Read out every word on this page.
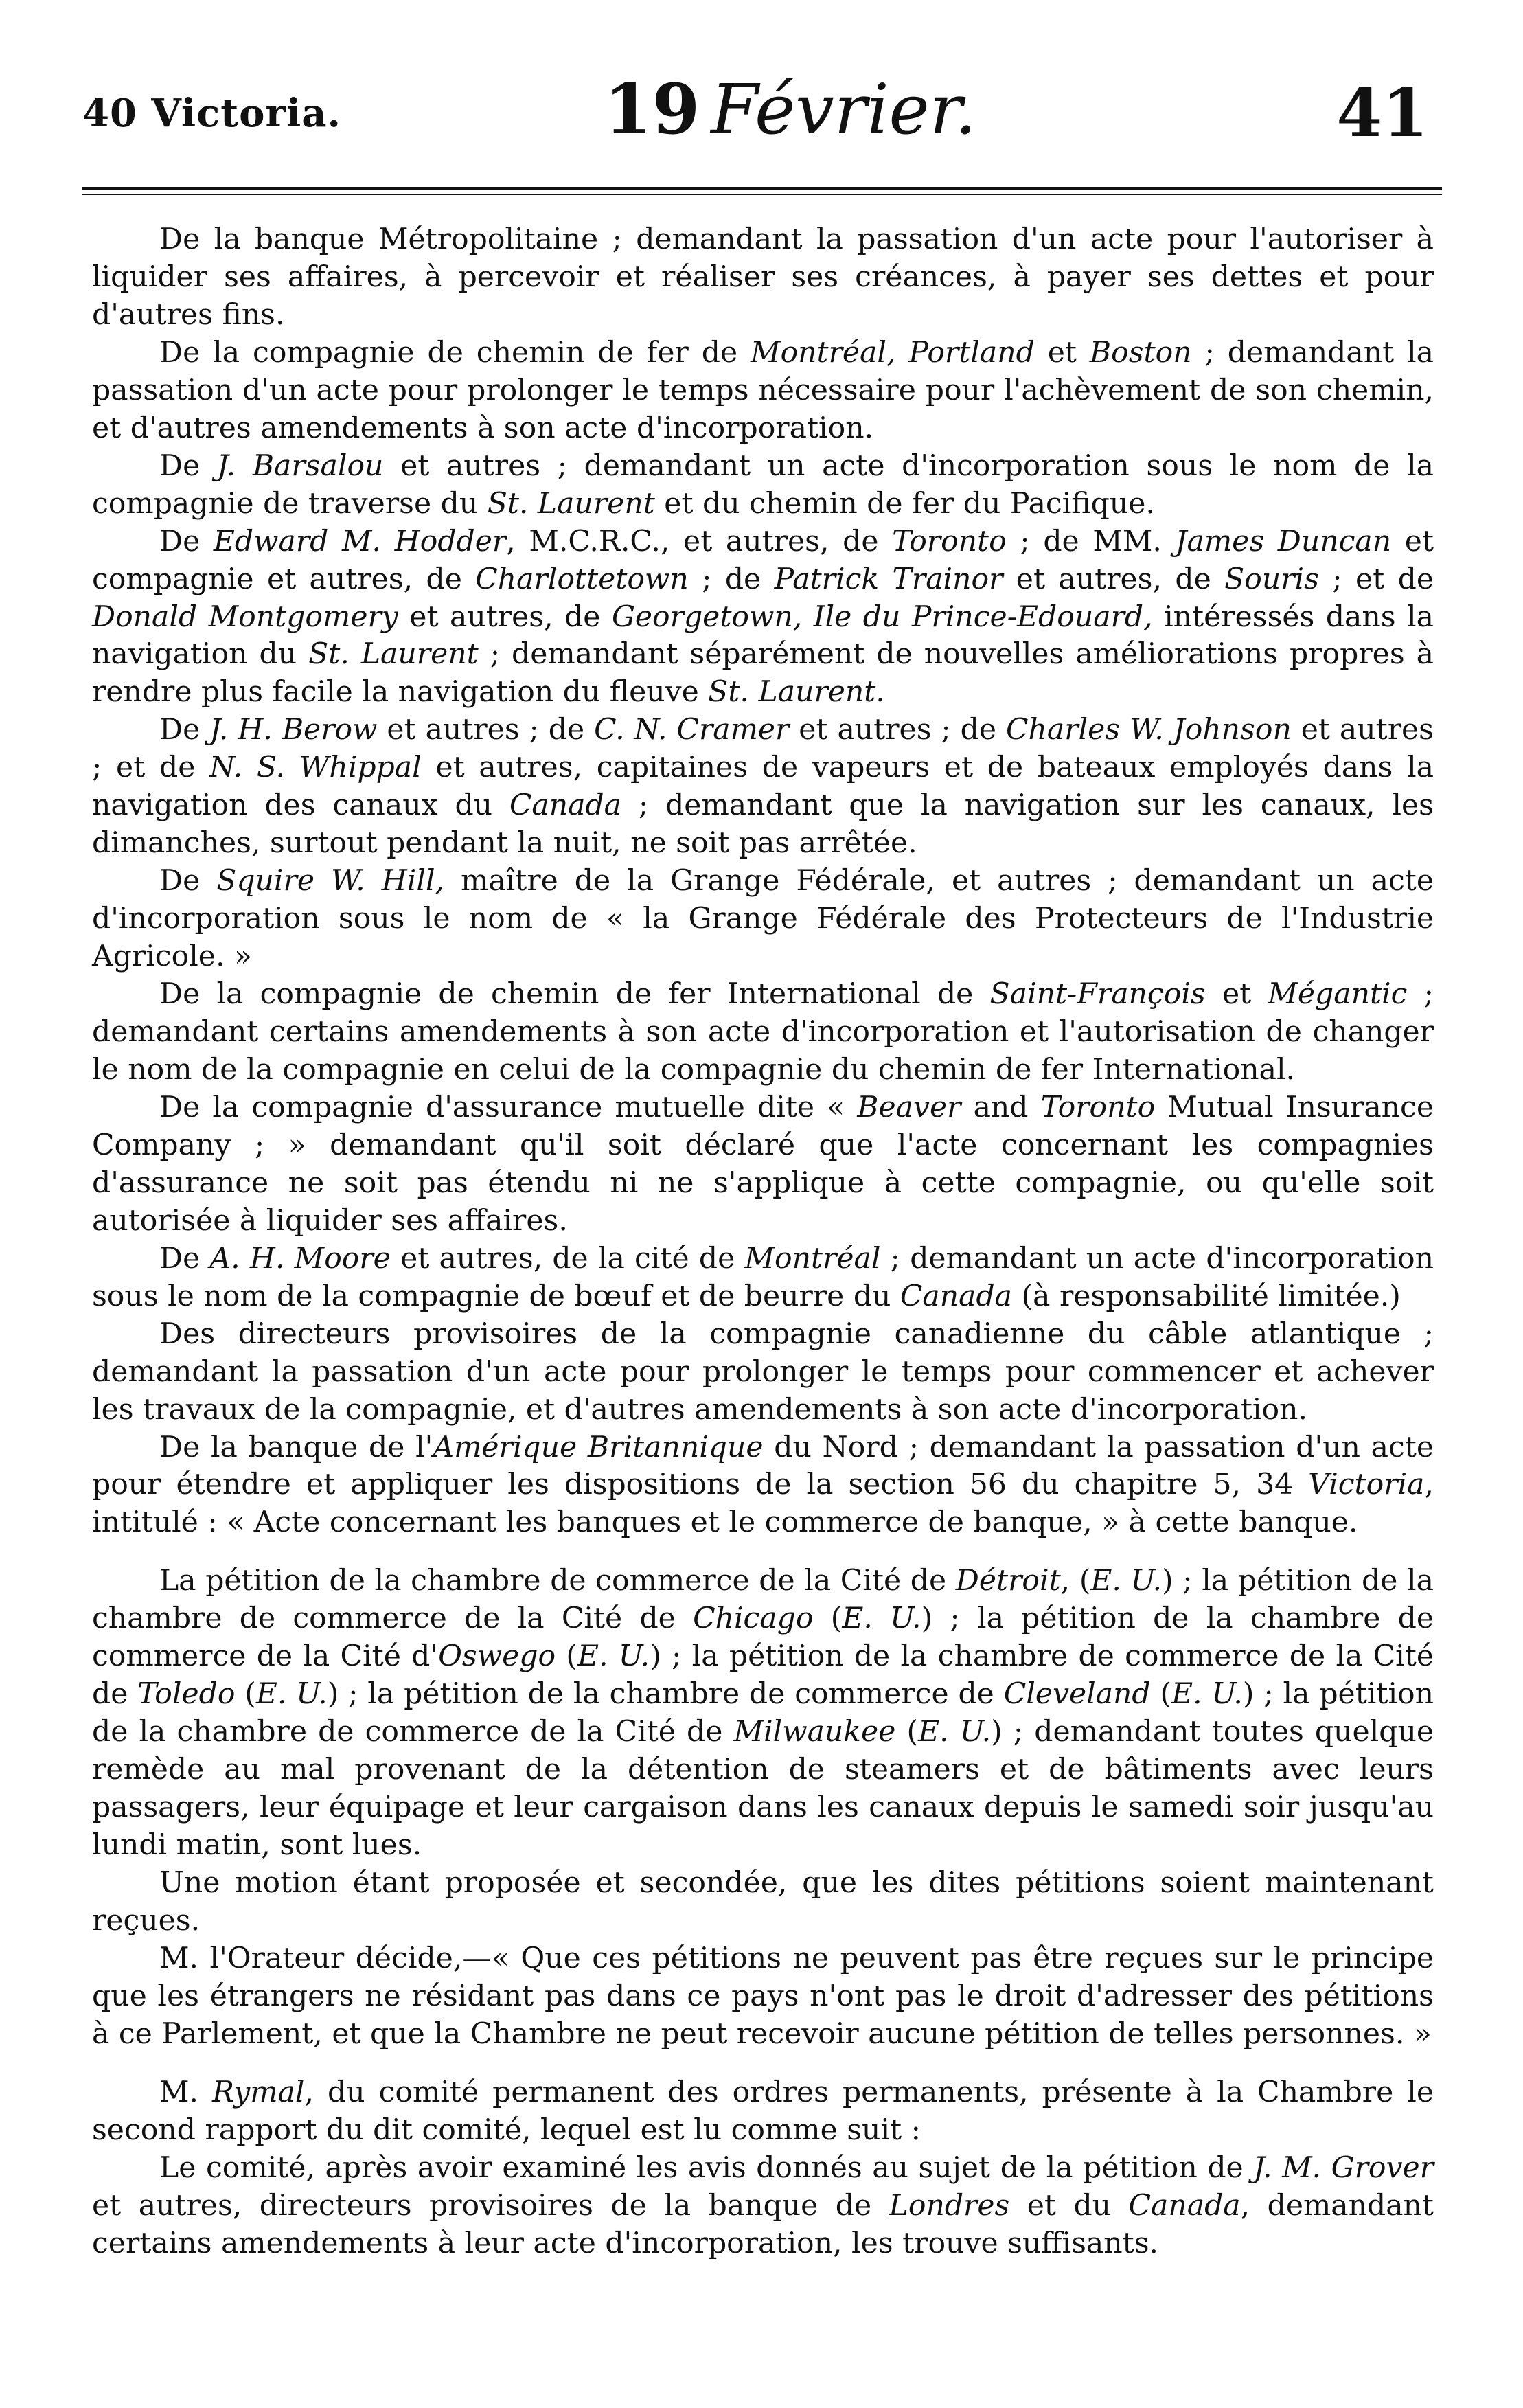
40 Victoria.	19 Février.	41

De la banque Métropolitaine ; demandant la passation d'un acte pour l'autoriser à liquider ses affaires, à percevoir et réaliser ses créances, à payer ses dettes et pour d'autres fins.

De la compagnie de chemin de fer de Montréal, Portland et Boston ; demandant la passation d'un acte pour prolonger le temps nécessaire pour l'achèvement de son chemin, et d'autres amendements à son acte d'incorporation.

De J. Barsalou et autres ; demandant un acte d'incorporation sous le nom de la compagnie de traverse du St. Laurent et du chemin de fer du Pacifique.

De Edward M. Hodder, M.C.R.C., et autres, de Toronto ; de MM. James Duncan et compagnie et autres, de Charlottetown ; de Patrick Trainor et autres, de Souris ; et de Donald Montgomery et autres, de Georgetown, Ile du Prince-Edouard, intéressés dans la navigation du St. Laurent ; demandant séparément de nouvelles améliorations propres à rendre plus facile la navigation du fleuve St. Laurent.

De J. H. Berow et autres ; de C. N. Cramer et autres ; de Charles W. Johnson et autres ; et de N. S. Whippal et autres, capitaines de vapeurs et de bateaux employés dans la navigation des canaux du Canada ; demandant que la navigation sur les canaux, les dimanches, surtout pendant la nuit, ne soit pas arrêtée.

De Squire W. Hill, maître de la Grange Fédérale, et autres ; demandant un acte d'incorporation sous le nom de « la Grange Fédérale des Protecteurs de l'Industrie Agricole. »

De la compagnie de chemin de fer International de Saint-François et Mégantic ; demandant certains amendements à son acte d'incorporation et l'autorisation de changer le nom de la compagnie en celui de la compagnie du chemin de fer International.

De la compagnie d'assurance mutuelle dite « Beaver and Toronto Mutual Insurance Company ; » demandant qu'il soit déclaré que l'acte concernant les compagnies d'assurance ne soit pas étendu ni ne s'applique à cette compagnie, ou qu'elle soit autorisée à liquider ses affaires.

De A. H. Moore et autres, de la cité de Montréal ; demandant un acte d'incorporation sous le nom de la compagnie de bœuf et de beurre du Canada (à responsabilité limitée.)

Des directeurs provisoires de la compagnie canadienne du câble atlantique ; demandant la passation d'un acte pour prolonger le temps pour commencer et achever les travaux de la compagnie, et d'autres amendements à son acte d'incorporation.

De la banque de l'Amérique Britannique du Nord ; demandant la passation d'un acte pour étendre et appliquer les dispositions de la section 56 du chapitre 5, 34 Victoria, intitulé : « Acte concernant les banques et le commerce de banque, » à cette banque.

La pétition de la chambre de commerce de la Cité de Détroit, (E. U.) ; la pétition de la chambre de commerce de la Cité de Chicago (E. U.) ; la pétition de la chambre de commerce de la Cité d'Oswego (E. U.) ; la pétition de la chambre de commerce de la Cité de Toledo (E. U.) ; la pétition de la chambre de commerce de Cleveland (E. U.) ; la pétition de la chambre de commerce de la Cité de Milwaukee (E. U.) ; demandant toutes quelque remède au mal provenant de la détention de steamers et de bâtiments avec leurs passagers, leur équipage et leur cargaison dans les canaux depuis le samedi soir jusqu'au lundi matin, sont lues.

Une motion étant proposée et secondée, que les dites pétitions soient maintenant reçues.

M. l'Orateur décide,—« Que ces pétitions ne peuvent pas être reçues sur le principe que les étrangers ne résidant pas dans ce pays n'ont pas le droit d'adresser des pétitions à ce Parlement, et que la Chambre ne peut recevoir aucune pétition de telles personnes. »

M. Rymal, du comité permanent des ordres permanents, présente à la Chambre le second rapport du dit comité, lequel est lu comme suit :

Le comité, après avoir examiné les avis donnés au sujet de la pétition de J. M. Grover et autres, directeurs provisoires de la banque de Londres et du Canada, demandant certains amendements à leur acte d'incorporation, les trouve suffisants.
